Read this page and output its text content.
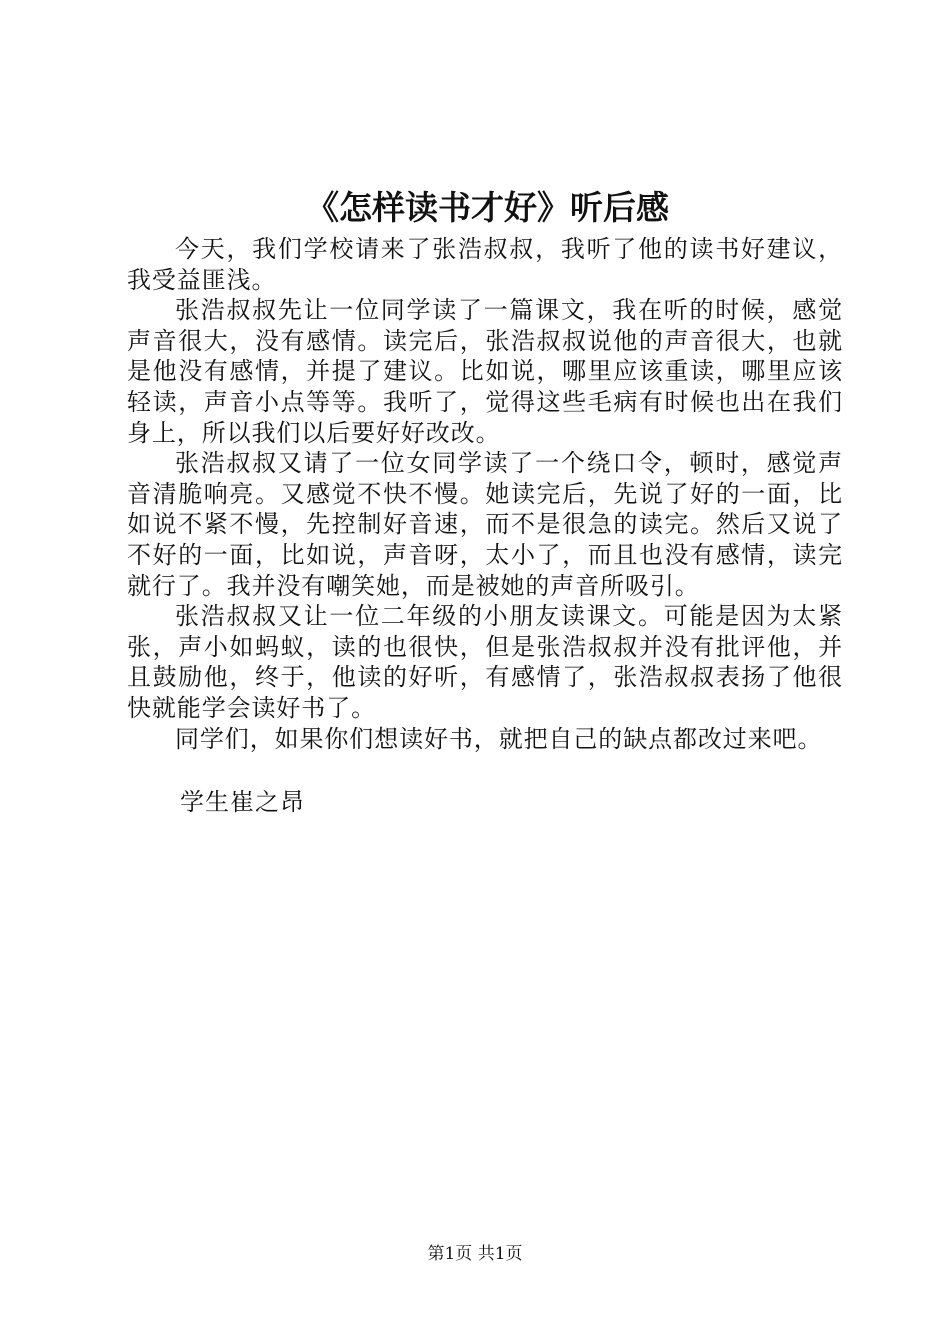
《怎样读书才好》听后感

今天，我们学校请来了张浩叔叔，我听了他的读书好建议，我受益匪浅。

张浩叔叔先让一位同学读了一篇课文，我在听的时候，感觉声音很大，没有感情。读完后，张浩叔叔说他的声音很大，也就是他没有感情，并提了建议。比如说，哪里应该重读，哪里应该轻读，声音小点等等。我听了，觉得这些毛病有时候也出在我们身上，所以我们以后要好好改改。

张浩叔叔又请了一位女同学读了一个绕口令，顿时，感觉声音清脆响亮。又感觉不快不慢。她读完后，先说了好的一面，比如说不紧不慢，先控制好音速，而不是很急的读完。然后又说了不好的一面，比如说，声音呀，太小了，而且也没有感情，读完就行了。我并没有嘲笑她，而是被她的声音所吸引。

张浩叔叔又让一位二年级的小朋友读课文。可能是因为太紧张，声小如蚂蚁，读的也很快，但是张浩叔叔并没有批评他，并且鼓励他，终于，他读的好听，有感情了，张浩叔叔表扬了他很快就能学会读好书了。

同学们，如果你们想读好书，就把自己的缺点都改过来吧。

学生崔之昂
第1页 共1页
